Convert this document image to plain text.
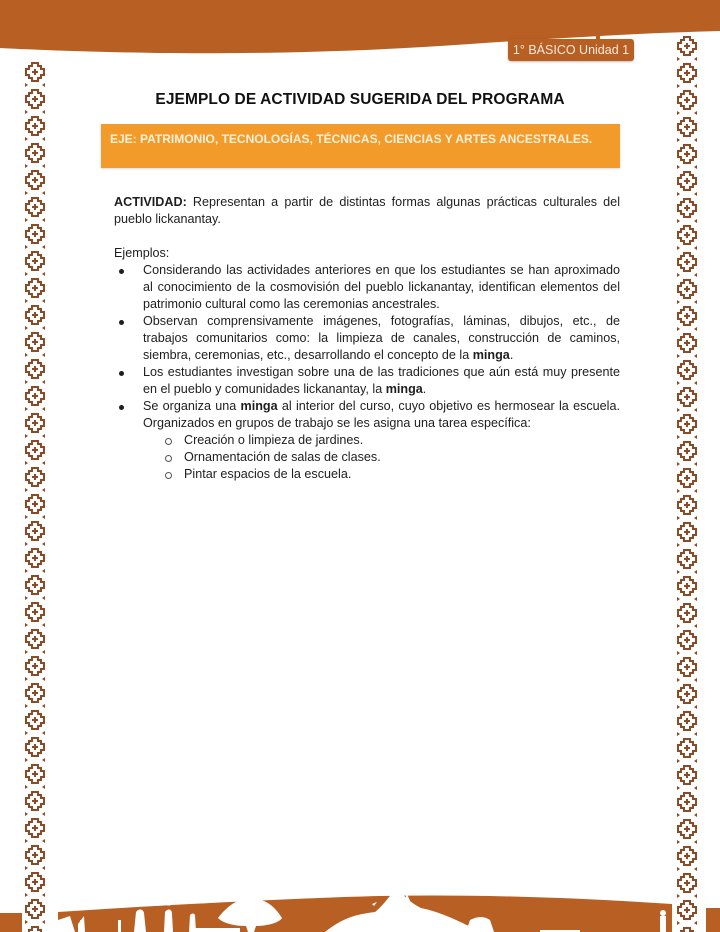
1° BÁSICO Unidad 1
EJEMPLO DE ACTIVIDAD SUGERIDA DEL PROGRAMA
EJE: PATRIMONIO, TECNOLOGÍAS, TÉCNICAS, CIENCIAS Y ARTES ANCESTRALES.

ACTIVIDAD: Representan a partir de distintas formas algunas prácticas culturales del pueblo lickanantay.

Ejemplos:

Considerando las actividades anteriores en que los estudiantes se han aproximado al conocimiento de la cosmovisión del pueblo lickanantay, identifican elementos del patrimonio cultural como las ceremonias ancestrales.
Observan comprensivamente imágenes, fotografías, láminas, dibujos, etc., de trabajos comunitarios como: la limpieza de canales, construcción de caminos, siembra, ceremonias, etc., desarrollando el concepto de la minga.
Los estudiantes investigan sobre una de las tradiciones que aún está muy presente en el pueblo y comunidades lickanantay, la minga.
Se organiza una minga al interior del curso, cuyo objetivo es hermosear la escuela. Organizados en grupos de trabajo se les asigna una tarea específica:
Creación o limpieza de jardines.
Ornamentación de salas de clases.
Pintar espacios de la escuela.
